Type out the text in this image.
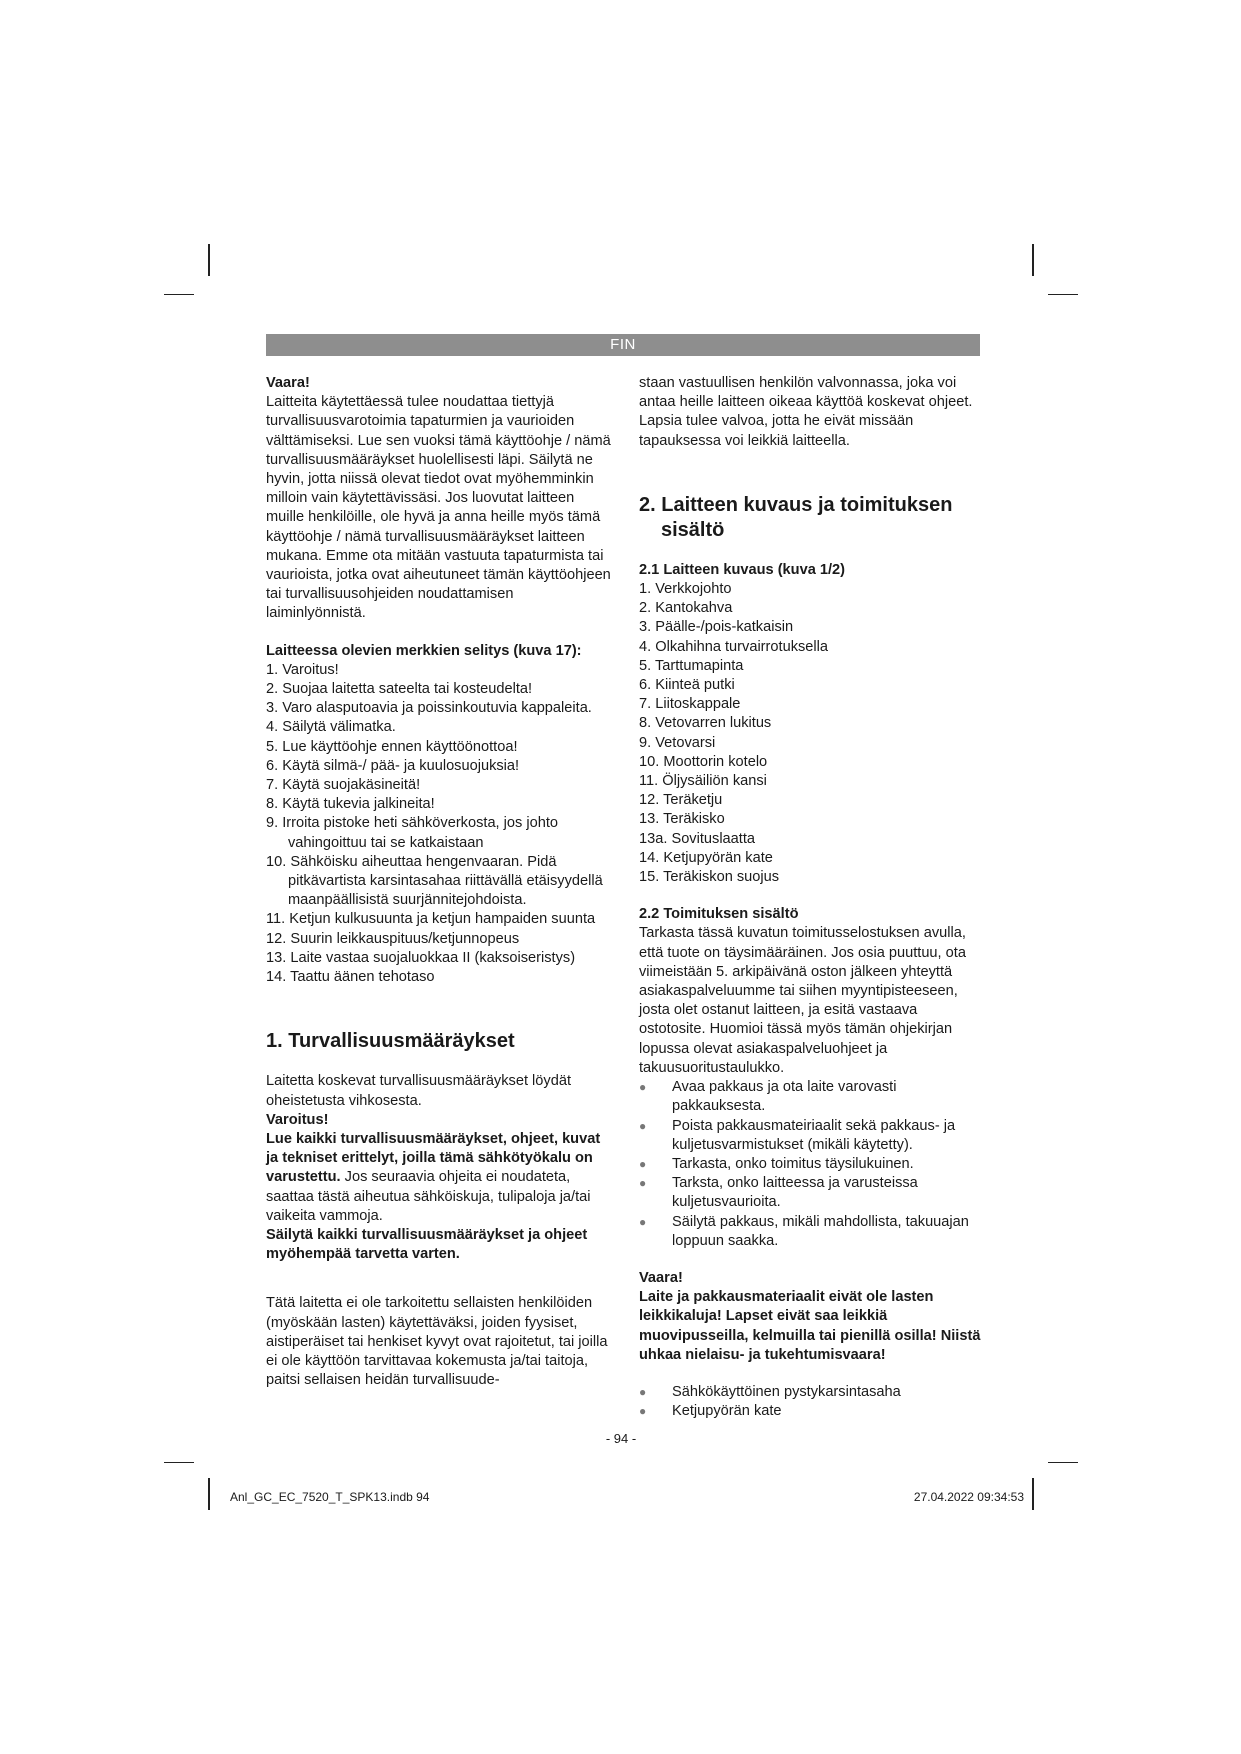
FIN

Vaara!

Laitteita käytettäessä tulee noudattaa tiettyjä turvallisuusvarotoimia tapaturmien ja vaurioiden välttämiseksi. Lue sen vuoksi tämä käyttöohje / nämä turvallisuusmääräykset huolellisesti läpi. Säilytä ne hyvin, jotta niissä olevat tiedot ovat myöhemminkin milloin vain käytettävissäsi. Jos luovutat laitteen muille henkilöille, ole hyvä ja anna heille myös tämä käyttöohje / nämä turvallisuusmääräykset laitteen mukana. Emme ota mitään vastuuta tapaturmista tai vaurioista, jotka ovat aiheutuneet tämän käyttöohjeen tai turvallisuusohjeiden noudattamisen laiminlyönnistä.

Laitteessa olevien merkkien selitys (kuva 17):

1. Varoitus!
2. Suojaa laitetta sateelta tai kosteudelta!
3. Varo alasputoavia ja poissinkoutuvia kappaleita.
4. Säilytä välimatka.
5. Lue käyttöohje ennen käyttöönottoa!
6. Käytä silmä-/ pää- ja kuulosuojuksia!
7. Käytä suojakäsineitä!
8. Käytä tukevia jalkineita!
9. Irroita pistoke heti sähköverkosta, jos johto vahingoittuu tai se katkaistaan
10. Sähköisku aiheuttaa hengenvaaran. Pidä pitkävartista karsintasahaa riittävällä etäisyydellä maanpäällisistä suurjännitejohdoista.
11. Ketjun kulkusuunta ja ketjun hampaiden suunta
12. Suurin leikkauspituus/ketjunnopeus
13. Laite vastaa suojaluokkaa II (kaksoiseristys)
14. Taattu äänen tehotaso

1. Turvallisuusmääräykset

Laitetta koskevat turvallisuusmääräykset löydät oheistetusta vihkosesta.

Varoitus!

Lue kaikki turvallisuusmääräykset, ohjeet, kuvat ja tekniset erittelyt, joilla tämä sähkötyökalu on varustettu. Jos seuraavia ohjeita ei noudateta, saattaa tästä aiheutua sähköiskuja, tulipaloja ja/tai vaikeita vammoja.

Säilytä kaikki turvallisuusmääräykset ja ohjeet myöhempää tarvetta varten.

Tätä laitetta ei ole tarkoitettu sellaisten henkilöiden (myöskään lasten) käytettäväksi, joiden fyysiset, aistiperäiset tai henkiset kyvyt ovat rajoitetut, tai joilla ei ole käyttöön tarvittavaa kokemusta ja/tai taitoja, paitsi sellaisen heidän turvallisuude-

staan vastuullisen henkilön valvonnassa, joka voi antaa heille laitteen oikeaa käyttöä koskevat ohjeet. Lapsia tulee valvoa, jotta he eivät missään tapauksessa voi leikkiä laitteella.

2. Laitteen kuvaus ja toimituksen

sisältö

2.1 Laitteen kuvaus (kuva 1/2)

1. Verkkojohto
2. Kantokahva
3. Päälle-/pois-katkaisin
4. Olkahihna turvairrotuksella
5. Tarttumapinta
6. Kiinteä putki
7. Liitoskappale
8. Vetovarren lukitus
9. Vetovarsi
10. Moottorin kotelo
11. Öljysäiliön kansi
12. Teräketju
13. Teräkisko
13a. Sovituslaatta
14. Ketjupyörän kate
15. Teräkiskon suojus

2.2 Toimituksen sisältö

Tarkasta tässä kuvatun toimitusselostuksen avulla, että tuote on täysimääräinen. Jos osia puuttuu, ota viimeistään 5. arkipäivänä oston jälkeen yhteyttä asiakaspalveluumme tai siihen myyntipisteeseen, josta olet ostanut laitteen, ja esitä vastaava ostotosite. Huomioi tässä myös tämän ohjekirjan lopussa olevat asiakaspalveluohjeet ja takuusuoritustaulukko.

● Avaa pakkaus ja ota laite varovasti pakkauksesta.
● Poista pakkausmateiriaalit sekä pakkaus- ja kuljetusvarmistukset (mikäli käytetty).
● Tarkasta, onko toimitus täysilukuinen.
● Tarksta, onko laitteessa ja varusteissa kuljetusvaurioita.
● Säilytä pakkaus, mikäli mahdollista, takuuajan loppuun saakka.

Vaara!

Laite ja pakkausmateriaalit eivät ole lasten leikkikaluja! Lapset eivät saa leikkiä muovipusseilla, kelmuilla tai pienillä osilla! Niistä uhkaa nielaisu- ja tukehtumisvaara!

● Sähkökäyttöinen pystykarsintasaha
● Ketjupyörän kate
- 94 -
Anl_GC_EC_7520_T_SPK13.indb 94	27.04.2022 09:34:53
